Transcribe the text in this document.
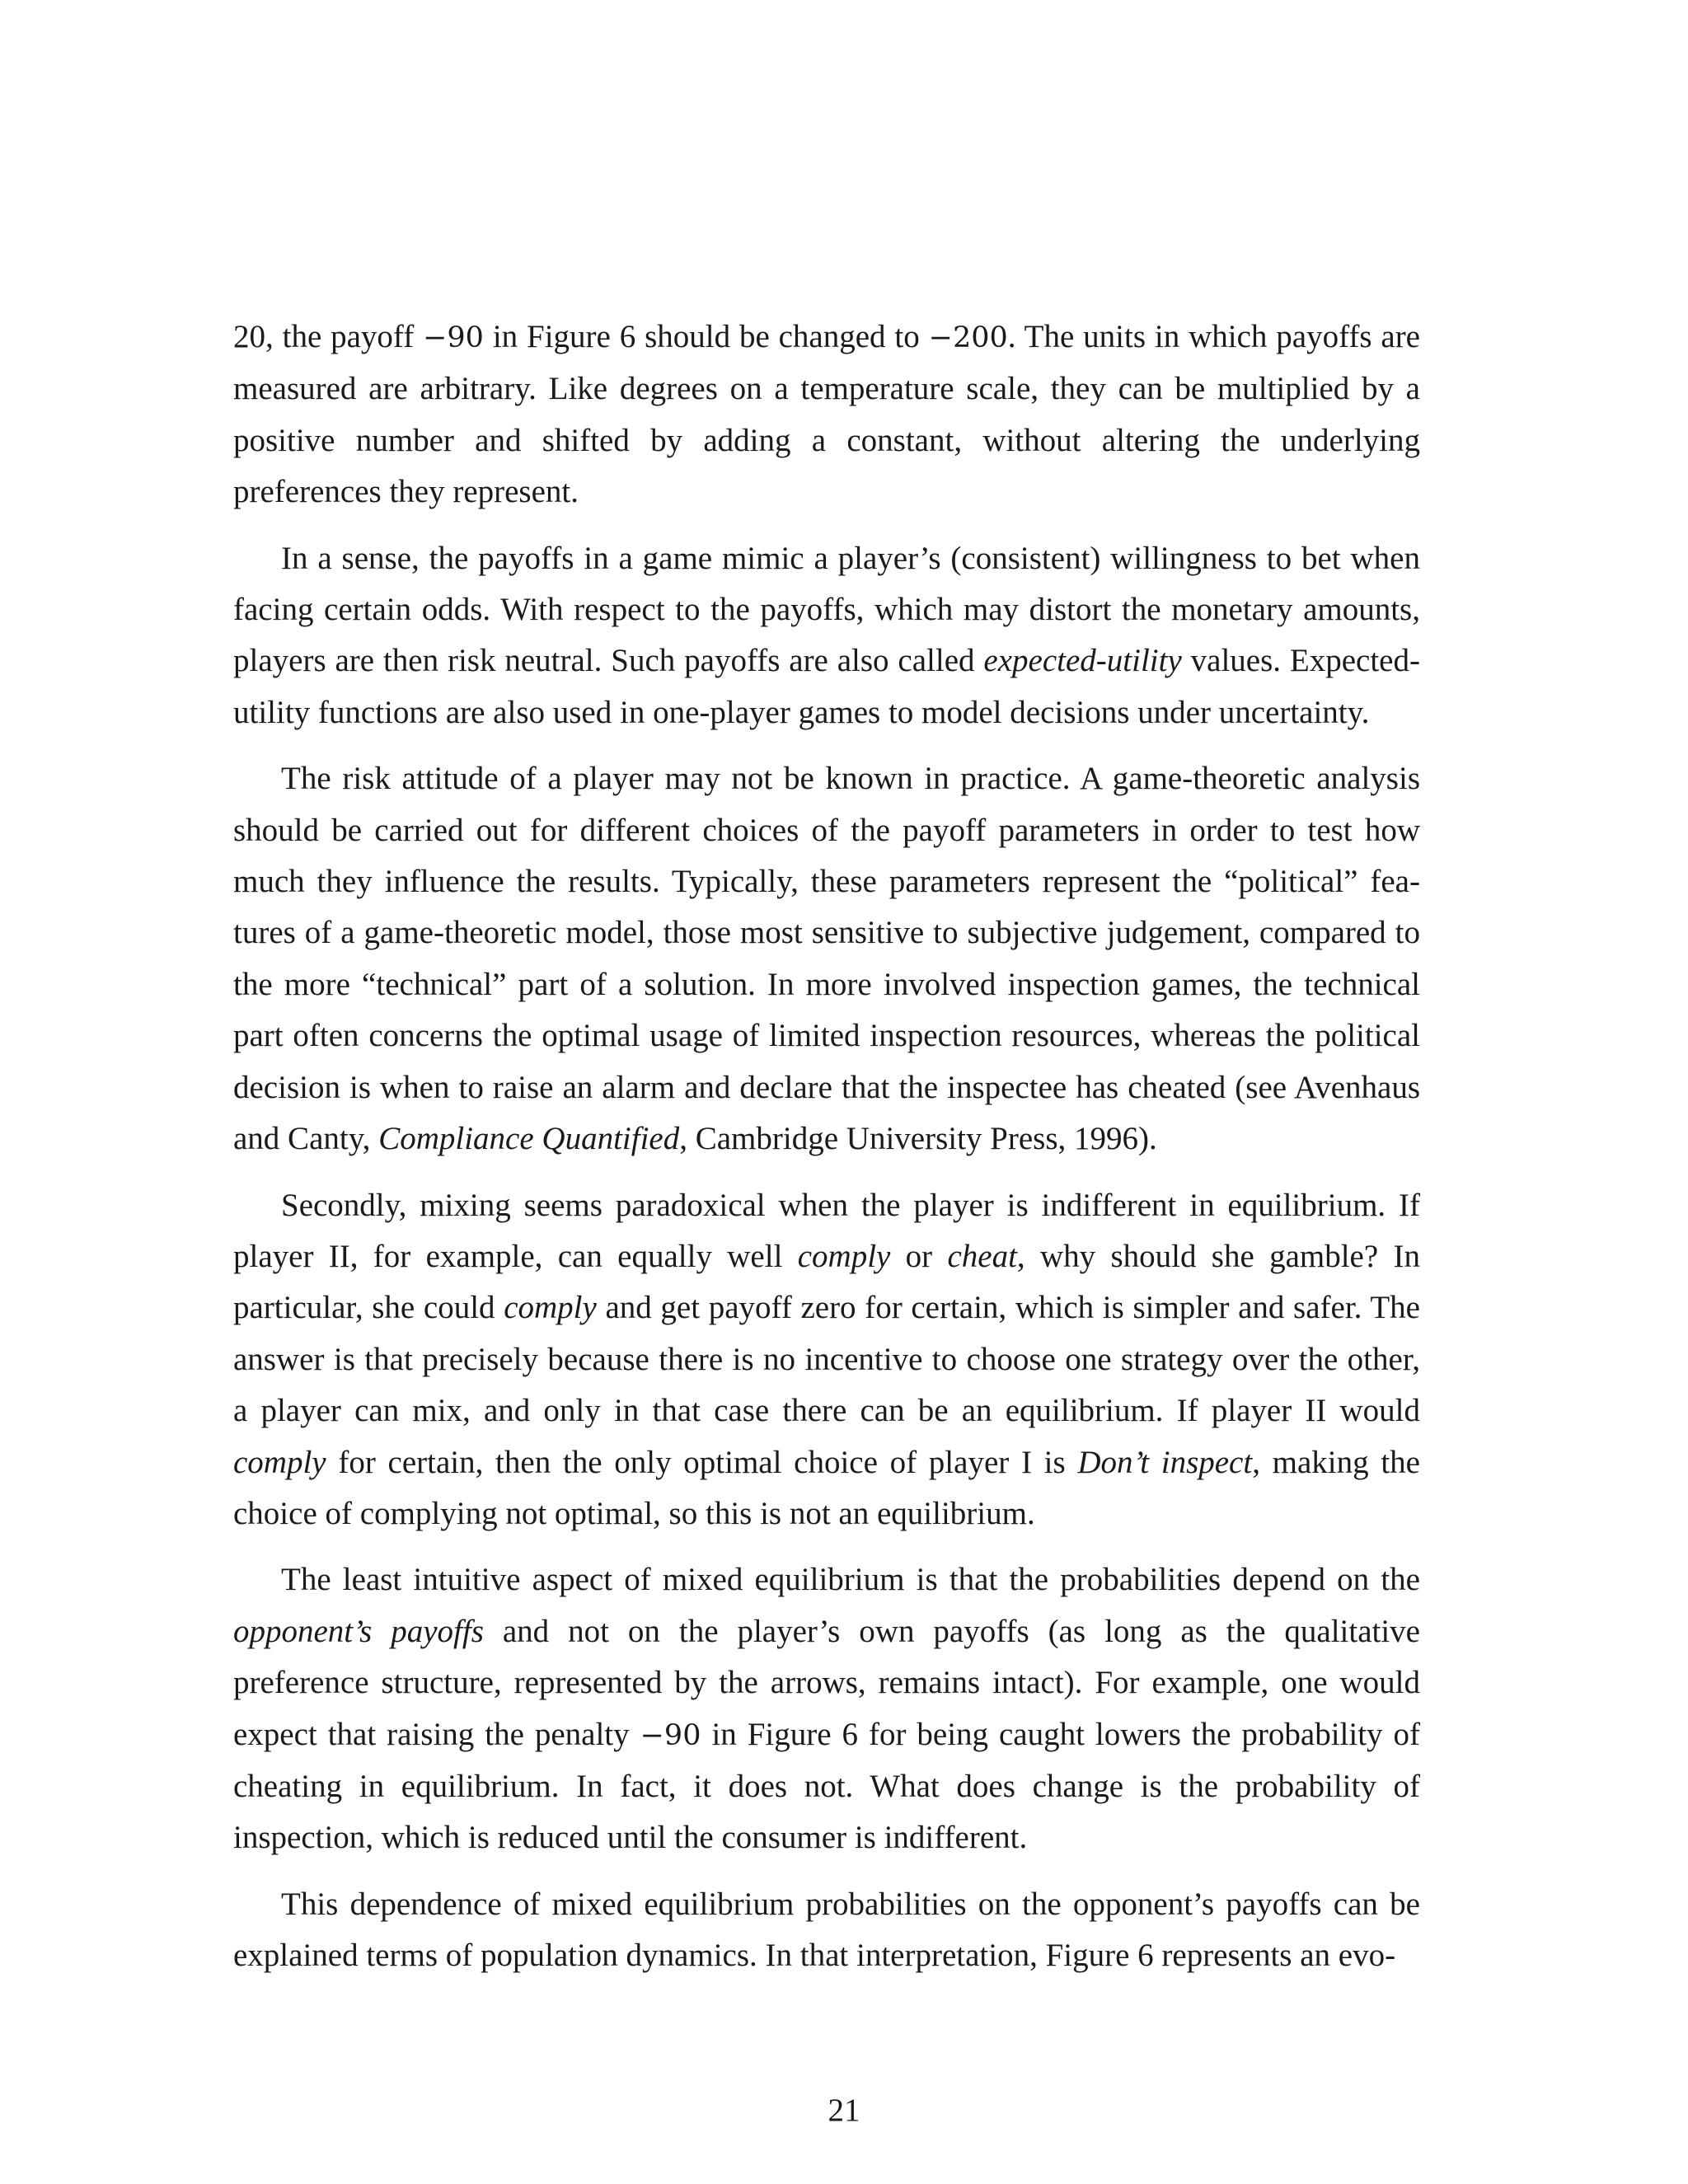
20, the payoff −90 in Figure 6 should be changed to −200. The units in which payoffs are measured are arbitrary. Like degrees on a temperature scale, they can be multiplied by a positive number and shifted by adding a constant, without altering the underlying preferences they represent.

In a sense, the payoffs in a game mimic a player’s (consistent) willingness to bet when facing certain odds. With respect to the payoffs, which may distort the monetary amounts, players are then risk neutral. Such payoffs are also called expected-utility values. Expected-utility functions are also used in one-player games to model decisions under uncertainty.

The risk attitude of a player may not be known in practice. A game-theoretic analysis should be carried out for different choices of the payoff parameters in order to test how much they influence the results. Typically, these parameters represent the “political” features of a game-theoretic model, those most sensitive to subjective judgement, compared to the more “technical” part of a solution. In more involved inspection games, the technical part often concerns the optimal usage of limited inspection resources, whereas the political decision is when to raise an alarm and declare that the inspectee has cheated (see Avenhaus and Canty, Compliance Quantified, Cambridge University Press, 1996).

Secondly, mixing seems paradoxical when the player is indifferent in equilibrium. If player II, for example, can equally well comply or cheat, why should she gamble? In particular, she could comply and get payoff zero for certain, which is simpler and safer. The answer is that precisely because there is no incentive to choose one strategy over the other, a player can mix, and only in that case there can be an equilibrium. If player II would comply for certain, then the only optimal choice of player I is Don’t inspect, making the choice of complying not optimal, so this is not an equilibrium.

The least intuitive aspect of mixed equilibrium is that the probabilities depend on the opponent’s payoffs and not on the player’s own payoffs (as long as the qualitative preference structure, represented by the arrows, remains intact). For example, one would expect that raising the penalty −90 in Figure 6 for being caught lowers the probability of cheating in equilibrium. In fact, it does not. What does change is the probability of inspection, which is reduced until the consumer is indifferent.

This dependence of mixed equilibrium probabilities on the opponent’s payoffs can be explained terms of population dynamics. In that interpretation, Figure 6 represents an evo-

21
